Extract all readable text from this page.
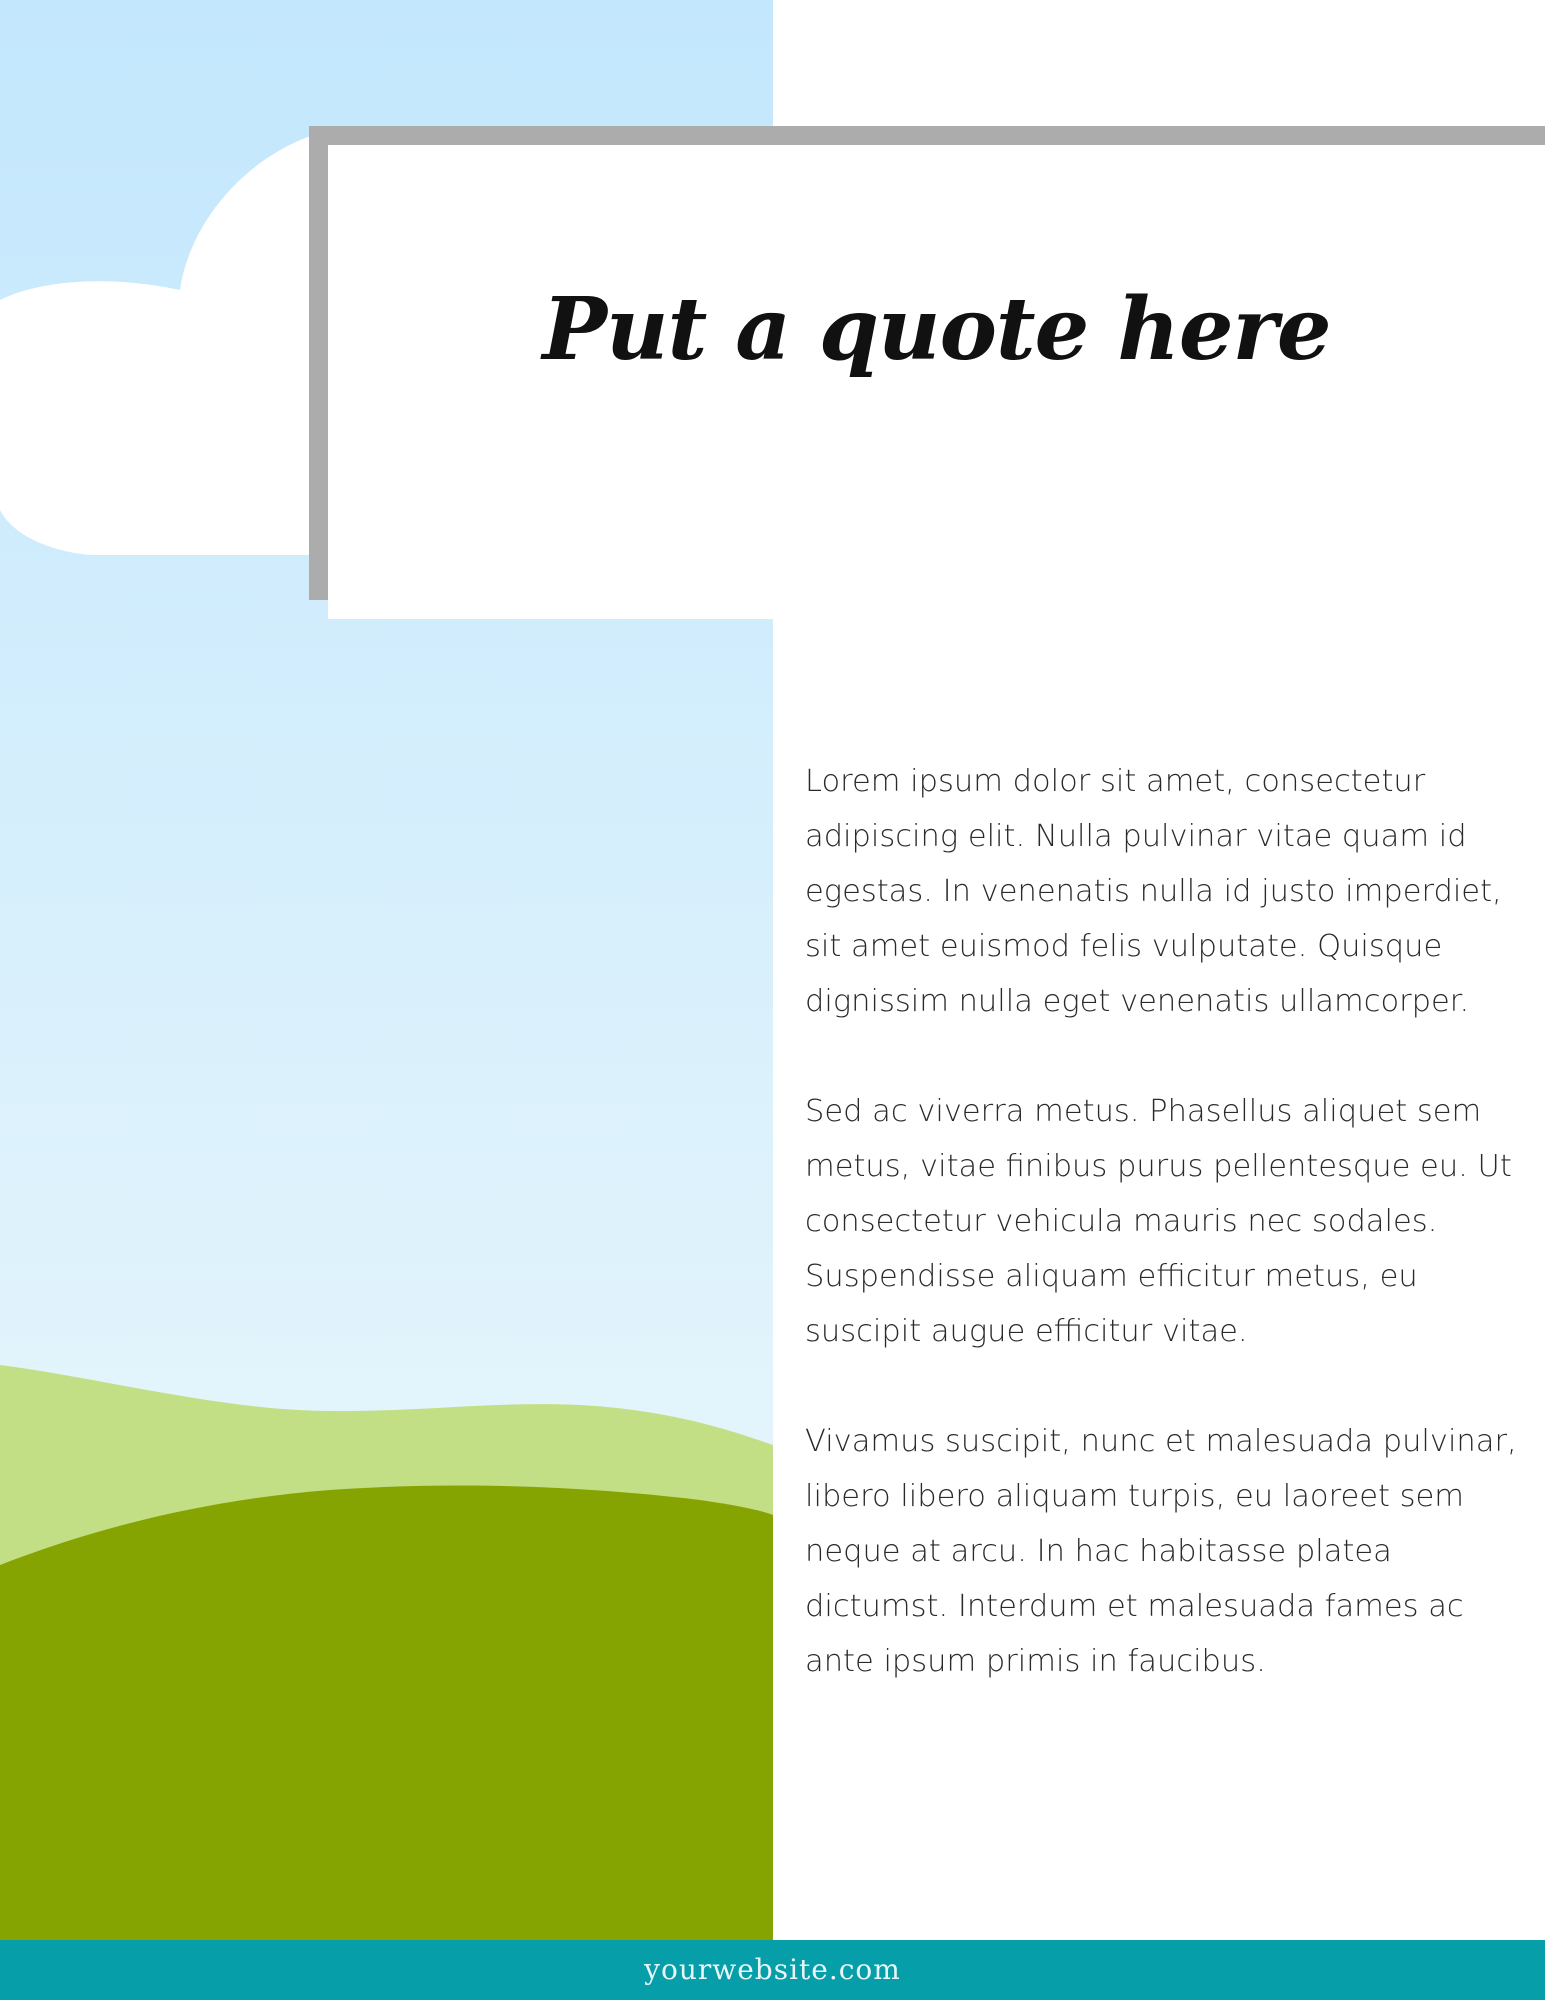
Put a quote here

Lorem ipsum dolor sit amet, consectetur adipiscing elit. Nulla pulvinar vitae quam id egestas. In venenatis nulla id justo imperdiet, sit amet euismod felis vulputate. Quisque dignissim nulla eget venenatis ullamcorper.

Sed ac viverra metus. Phasellus aliquet sem metus, vitae finibus purus pellentesque eu. Ut consectetur vehicula mauris nec sodales. Suspendisse aliquam efficitur metus, eu suscipit augue efficitur vitae.

Vivamus suscipit, nunc et malesuada pulvinar, libero libero aliquam turpis, eu laoreet sem neque at arcu. In hac habitasse platea dictumst. Interdum et malesuada fames ac ante ipsum primis in faucibus.

yourwebsite.com
